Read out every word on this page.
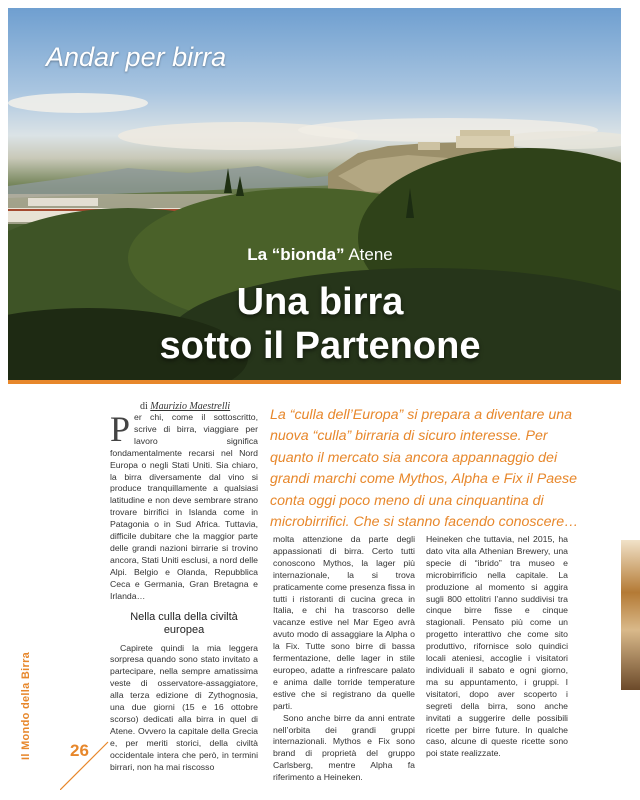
Andar per birra
La “bionda” Atene
Una birra
sotto il Partenone
di Maurizio Maestrelli
La “culla dell’Europa” si prepara a diventare una nuova “culla” birraria di sicuro interesse. Per quanto il mercato sia ancora appannaggio dei grandi marchi come Mythos, Alpha e Fix il Paese conta oggi poco meno di una cinquantina di microbirrifici. Che si stanno facendo conoscere…

Per chi, come il sottoscritto, scrive di birra, viaggiare per lavoro significa fondamentalmente recarsi nel Nord Europa o negli Stati Uniti. Sia chiaro, la birra diversamente dal vino si produce tranquillamente a qualsiasi latitudine e non deve sembrare strano trovare birrifici in Islanda come in Patagonia o in Sud Africa. Tuttavia, difficile dubitare che la maggior parte delle grandi nazioni birrarie si trovino ancora, Stati Uniti esclusi, a nord delle Alpi. Belgio e Olanda, Repubblica Ceca e Germania, Gran Bretagna e Irlanda…

Nella culla della civiltà europea

Capirete quindi la mia leggera sorpresa quando sono stato invitato a partecipare, nella sempre amatissima veste di osservatore-assaggiatore, alla terza edizione di Zythognosia, una due giorni (15 e 16 ottobre scorso) dedicati alla birra in quel di Atene. Ovvero la capitale della Grecia e, per meriti storici, della civiltà occidentale intera che però, in termini birrari, non ha mai riscosso

molta attenzione da parte degli appassionati di birra. Certo tutti conoscono Mythos, la lager più internazionale, la si trova praticamente come presenza fissa in tutti i ristoranti di cucina greca in Italia, e chi ha trascorso delle vacanze estive nel Mar Egeo avrà avuto modo di assaggiare la Alpha o la Fix. Tutte sono birre di bassa fermentazione, delle lager in stile europeo, adatte a rinfrescare palato e anima dalle torride temperature estive che si registrano da quelle parti.

Sono anche birre da anni entrate nell’orbita dei grandi gruppi internazionali. Mythos e Fix sono brand di proprietà del gruppo Carlsberg, mentre Alpha fa riferimento a Heineken.

Heineken che tuttavia, nel 2015, ha dato vita alla Athenian Brewery, una specie di “ibrido” tra museo e microbirrificio nella capitale. La produzione al momento si aggira sugli 800 ettolitri l’anno suddivisi tra cinque birre fisse e cinque stagionali. Pensato più come un progetto interattivo che come sito produttivo, rifornisce solo quindici locali ateniesi, accoglie i visitatori individuali il sabato e ogni giorno, ma su appuntamento, i gruppi. I visitatori, dopo aver scoperto i segreti della birra, sono anche invitati a suggerire delle possibili ricette per birre future. In qualche caso, alcune di queste ricette sono poi state realizzate.

Il Mondo della Birra 26
